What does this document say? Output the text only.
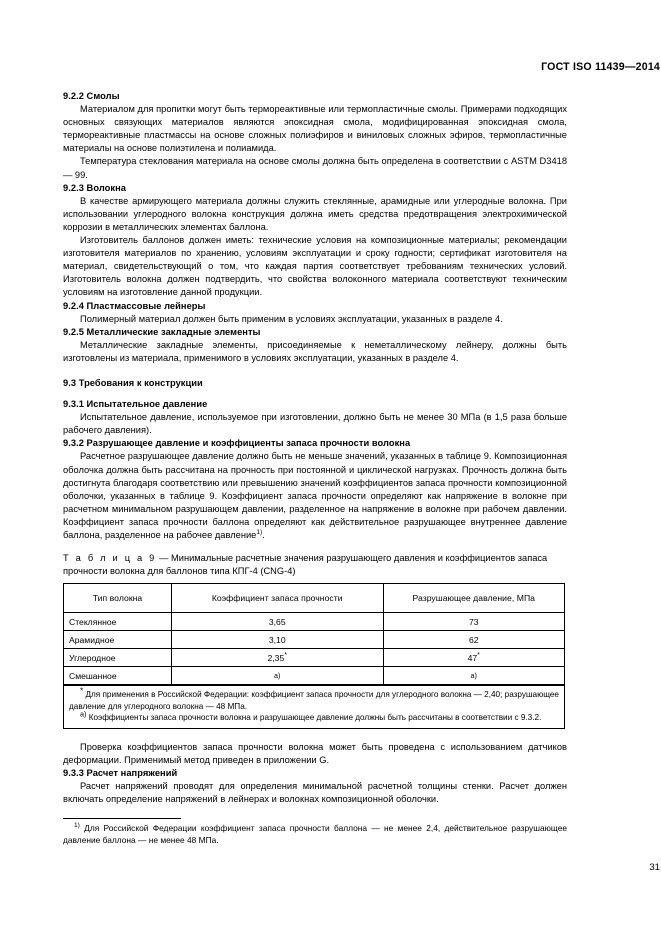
ГОСТ ISO 11439—2014
9.2.2 Смолы
Материалом для пропитки могут быть термореактивные или термопластичные смолы. Примерами подходящих основных связующих материалов являются эпоксидная смола, модифицированная эпоксидная смола, термореактивные пластмассы на основе сложных полиэфиров и виниловых сложных эфиров, термопластичные материалы на основе полиэтилена и полиамида.
Температура стеклования материала на основе смолы должна быть определена в соответствии с ASTM D3418 — 99.
9.2.3 Волокна
В качестве армирующего материала должны служить стеклянные, арамидные или углеродные волокна. При использовании углеродного волокна конструкция должна иметь средства предотвращения электрохимической коррозии в металлических элементах баллона.
Изготовитель баллонов должен иметь: технические условия на композиционные материалы; рекомендации изготовителя материалов по хранению, условиям эксплуатации и сроку годности; сертификат изготовителя на материал, свидетельствующий о том, что каждая партия соответствует требованиям технических условий. Изготовитель волокна должен подтвердить, что свойства волоконного материала соответствуют техническим условиям на изготовление данной продукции.
9.2.4 Пластмассовые лейнеры
Полимерный материал должен быть применим в условиях эксплуатации, указанных в разделе 4.
9.2.5 Металлические закладные элементы
Металлические закладные элементы, присоединяемые к неметаллическому лейнеру, должны быть изготовлены из материала, применимого в условиях эксплуатации, указанных в разделе 4.
9.3 Требования к конструкции
9.3.1 Испытательное давление
Испытательное давление, используемое при изготовлении, должно быть не менее 30 МПа (в 1,5 раза больше рабочего давления).
9.3.2 Разрушающее давление и коэффициенты запаса прочности волокна
Расчетное разрушающее давление должно быть не меньше значений, указанных в таблице 9. Композиционная оболочка должна быть рассчитана на прочность при постоянной и циклической нагрузках. Прочность должна быть достигнута благодаря соответствию или превышению значений коэффициентов запаса прочности композиционной оболочки, указанных в таблице 9. Коэффициент запаса прочности определяют как напряжение в волокне при расчетном минимальном разрушающем давлении, разделенное на напряжение в волокне при рабочем давлении. Коэффициент запаса прочности баллона определяют как действительное разрушающее внутреннее давление баллона, разделенное на рабочее давление$^{1)}$.
Т а б л и ц а 9 — Минимальные расчетные значения разрушающего давления и коэффициентов запаса прочности волокна для баллонов типа КПГ-4 (CNG-4)
Тип волокна	Коэффициент запаса прочности	Разрушающее давление, МПа
Стеклянное	3,65	73
Арамидное	3,10	62
Углеродное	2,35*	47*
Смешанное	a)	a)

* Для применения в Российской Федерации: коэффициент запаса прочности для углеродного волокна — 2,40; разрушающее давление для углеродного волокна — 48 МПа.

a) Коэффициенты запаса прочности волокна и разрушающее давление должны быть рассчитаны в соответствии с 9.3.2.

Проверка коэффициентов запаса прочности волокна может быть проведена с использованием датчиков деформации. Применимый метод приведен в приложении G.
9.3.3 Расчет напряжений
Расчет напряжений проводят для определения минимальной расчетной толщины стенки. Расчет должен включать определение напряжений в лейнерах и волокнах композиционной оболочки.
$^{1)}$ Для Российской Федерации коэффициент запаса прочности баллона — не менее 2,4, действительное разрушающее давление баллона — не менее 48 МПа.
31
